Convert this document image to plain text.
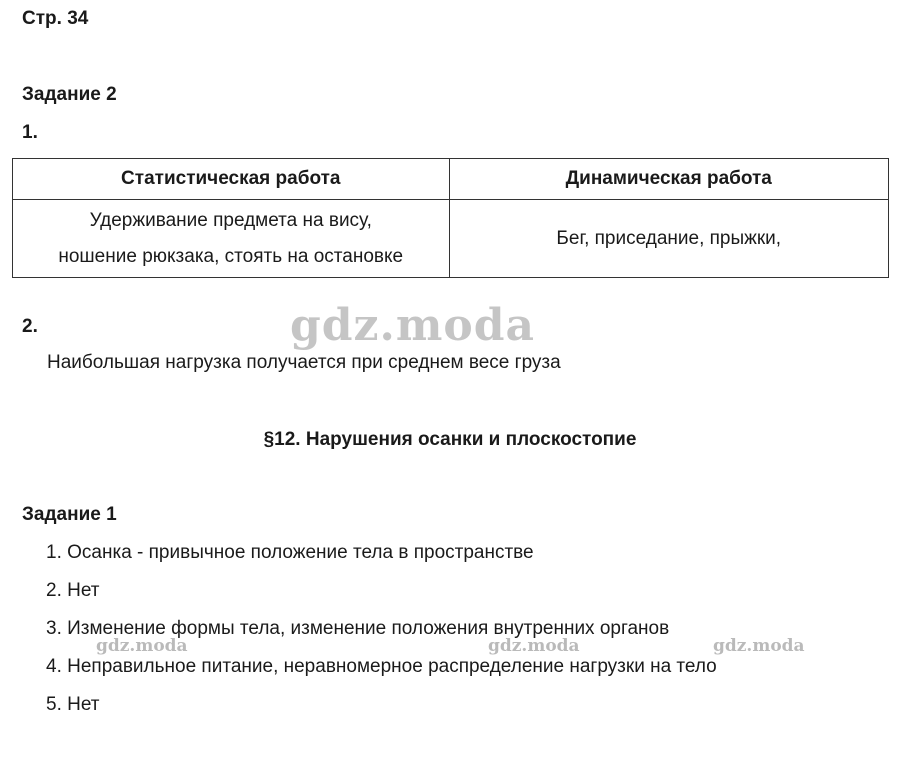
Стр. 34
Задание 2
1.
Статистическая работа	Динамическая работа

Удерживание предмета на вису,
ношение рюкзака, стоять на остановке	Бег, приседание, прыжки,
2.
Наибольшая нагрузка получается при среднем весе груза
§12. Нарушения осанки и плоскостопие
Задание 1
1. Осанка - привычное положение тела в пространстве
2. Нет
3. Изменение формы тела, изменение положения внутренних органов
4. Неправильное питание, неравномерное распределение нагрузки на тело
5. Нет
gdz.moda
gdz.moda	gdz.moda	gdz.moda
